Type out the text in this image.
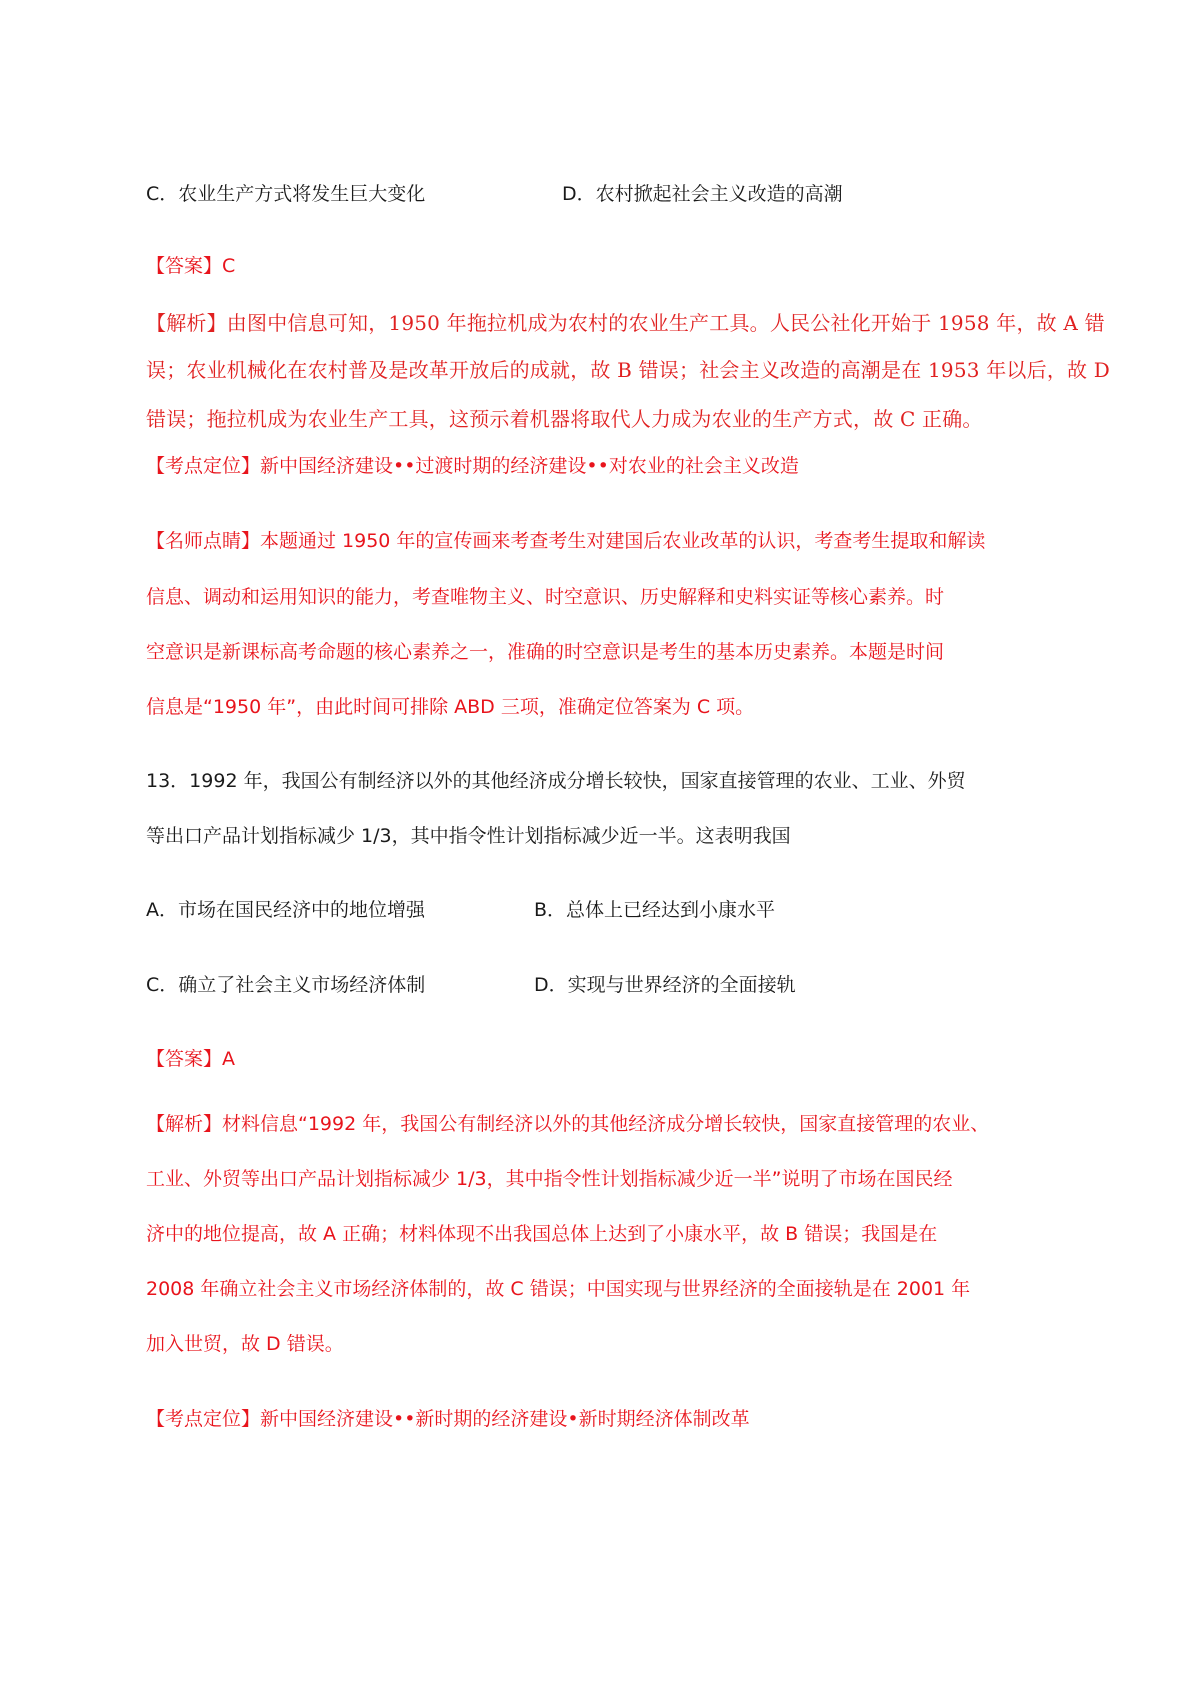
C．农业生产方式将发生巨大变化	D．农村掀起社会主义改造的高潮
【答案】C
【解析】由图中信息可知，1950 年拖拉机成为农村的农业生产工具。人民公社化开始于 1958 年，故 A 错
误；农业机械化在农村普及是改革开放后的成就，故 B 错误；社会主义改造的高潮是在 1953 年以后，故 D
错误；拖拉机成为农业生产工具，这预示着机器将取代人力成为农业的生产方式，故 C 正确。
【考点定位】新中国经济建设••过渡时期的经济建设••对农业的社会主义改造
【名师点睛】本题通过 1950 年的宣传画来考查考生对建国后农业改革的认识，考查考生提取和解读
信息、调动和运用知识的能力，考查唯物主义、时空意识、历史解释和史料实证等核心素养。时
空意识是新课标高考命题的核心素养之一，准确的时空意识是考生的基本历史素养。本题是时间
信息是“1950 年”，由此时间可排除 ABD 三项，准确定位答案为 C 项。
13．1992 年，我国公有制经济以外的其他经济成分增长较快，国家直接管理的农业、工业、外贸
等出口产品计划指标减少 1/3，其中指令性计划指标减少近一半。这表明我国
A．市场在国民经济中的地位增强	B．总体上已经达到小康水平
C．确立了社会主义市场经济体制	D．实现与世界经济的全面接轨
【答案】A
【解析】材料信息“1992 年，我国公有制经济以外的其他经济成分增长较快，国家直接管理的农业、
工业、外贸等出口产品计划指标减少 1/3，其中指令性计划指标减少近一半”说明了市场在国民经
济中的地位提高，故 A 正确；材料体现不出我国总体上达到了小康水平，故 B 错误；我国是在
2008 年确立社会主义市场经济体制的，故 C 错误；中国实现与世界经济的全面接轨是在 2001 年
加入世贸，故 D 错误。
【考点定位】新中国经济建设••新时期的经济建设•新时期经济体制改革
